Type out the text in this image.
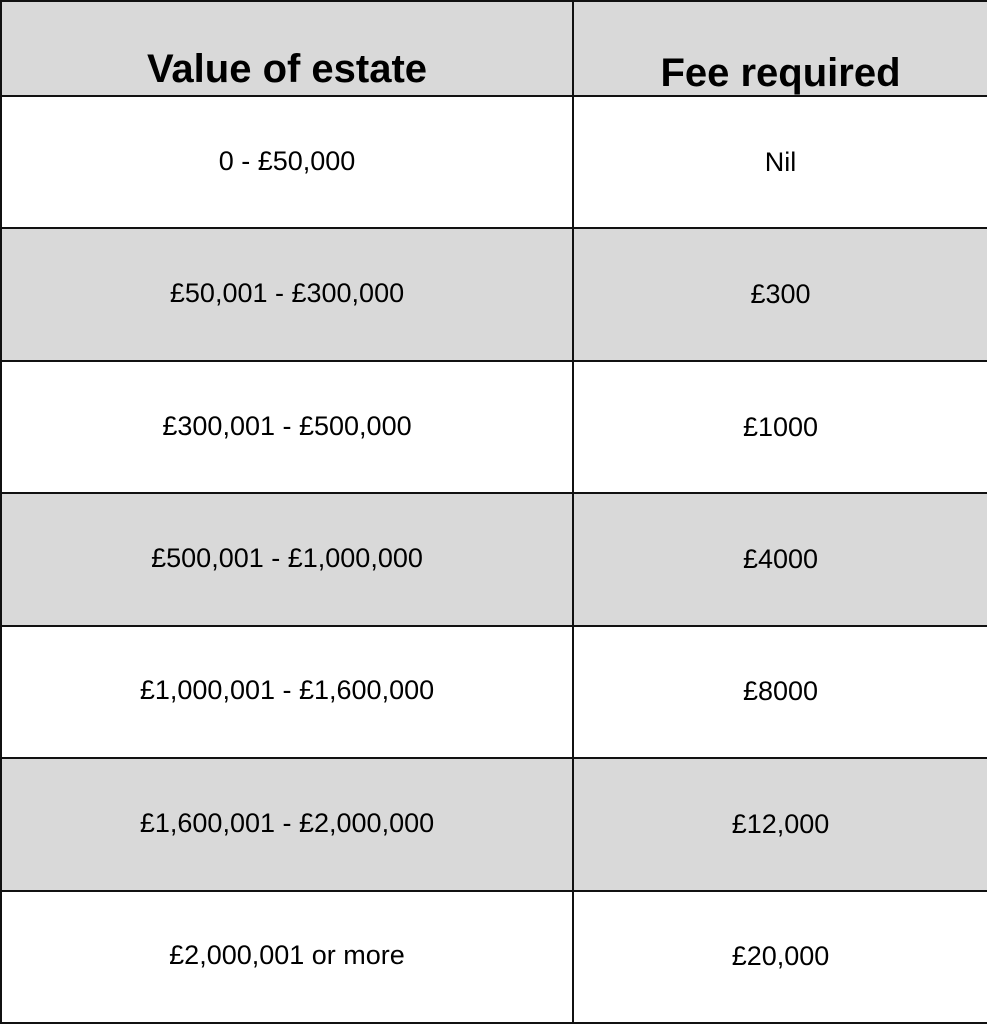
Value of estate	Fee required
0 - £50,000	Nil
£50,001 - £300,000	£300
£300,001 - £500,000	£1000
£500,001 - £1,000,000	£4000
£1,000,001 - £1,600,000	£8000
£1,600,001 - £2,000,000	£12,000
£2,000,001 or more	£20,000
